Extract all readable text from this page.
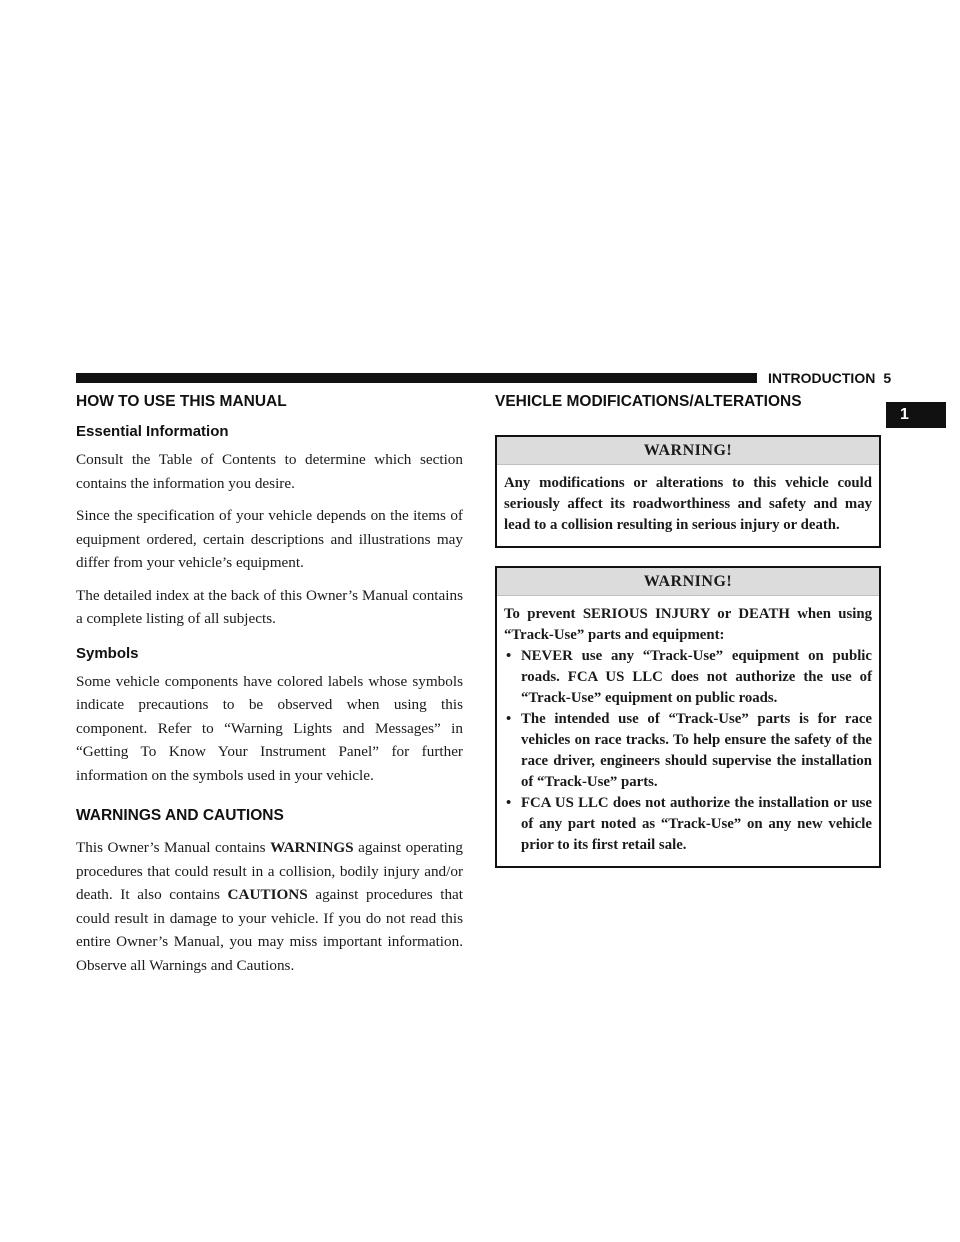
INTRODUCTION 5
1
HOW TO USE THIS MANUAL
Essential Information

Consult the Table of Contents to determine which section contains the information you desire.

Since the specification of your vehicle depends on the items of equipment ordered, certain descriptions and illustrations may differ from your vehicle’s equipment.

The detailed index at the back of this Owner’s Manual contains a complete listing of all subjects.

Symbols

Some vehicle components have colored labels whose symbols indicate precautions to be observed when using this component. Refer to “Warning Lights and Messages” in “Getting To Know Your Instrument Panel” for further information on the symbols used in your vehicle.

WARNINGS AND CAUTIONS

This Owner’s Manual contains WARNINGS against operating procedures that could result in a collision, bodily injury and/or death. It also contains CAUTIONS against procedures that could result in damage to your vehicle. If you do not read this entire Owner’s Manual, you may miss important information. Observe all Warnings and Cautions.

VEHICLE MODIFICATIONS/ALTERATIONS
WARNING!

Any modifications or alterations to this vehicle could seriously affect its roadworthiness and safety and may lead to a collision resulting in serious injury or death.

WARNING!

To prevent SERIOUS INJURY or DEATH when using “Track-Use” parts and equipment:

• NEVER use any “Track-Use” equipment on public roads. FCA US LLC does not authorize the use of “Track-Use” equipment on public roads.
• The intended use of “Track-Use” parts is for race vehicles on race tracks. To help ensure the safety of the race driver, engineers should supervise the installation of “Track-Use” parts.
• FCA US LLC does not authorize the installation or use of any part noted as “Track-Use” on any new vehicle prior to its first retail sale.
